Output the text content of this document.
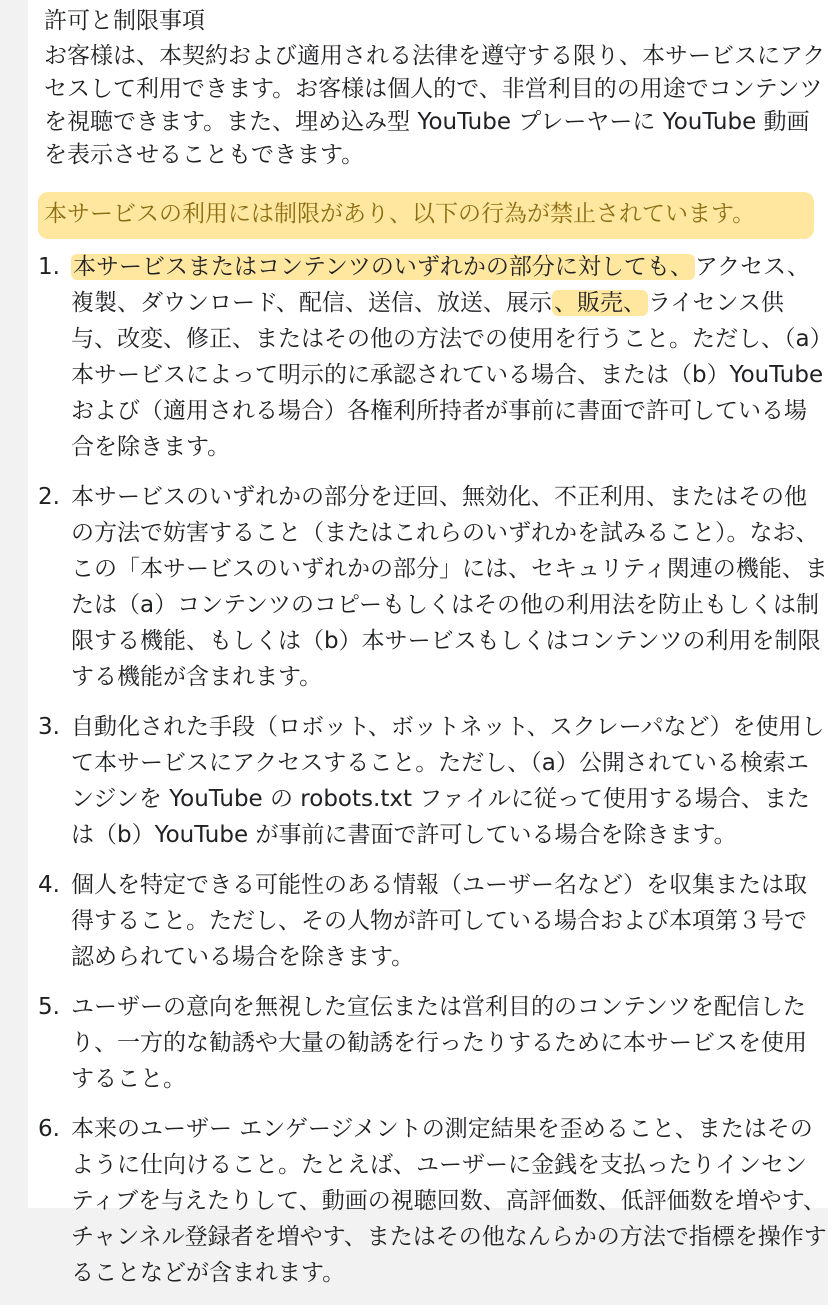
許可と制限事項

お客様は、本契約および適用される法律を遵守する限り、本サービスにアクセスして利用できます。お客様は個人的で、非営利目的の用途でコンテンツを視聴できます。また、埋め込み型 YouTube プレーヤーに YouTube 動画を表示させることもできます。

本サービスの利用には制限があり、以下の行為が禁止されています。
1. 本サービスまたはコンテンツのいずれかの部分に対しても、アクセス、複製、ダウンロード、配信、送信、放送、展示、販売、ライセンス供与、改変、修正、またはその他の方法での使用を行うこと。ただし、（a）本サービスによって明示的に承認されている場合、または（b）YouTube および（適用される場合）各権利所持者が事前に書面で許可している場合を除きます。
2. 本サービスのいずれかの部分を迂回、無効化、不正利用、またはその他の方法で妨害すること（またはこれらのいずれかを試みること）。なお、この「本サービスのいずれかの部分」には、セキュリティ関連の機能、または（a）コンテンツのコピーもしくはその他の利用法を防止もしくは制限する機能、もしくは（b）本サービスもしくはコンテンツの利用を制限する機能が含まれます。
3. 自動化された手段（ロボット、ボットネット、スクレーパなど）を使用して本サービスにアクセスすること。ただし、（a）公開されている検索エンジンを YouTube の robots.txt ファイルに従って使用する場合、または（b）YouTube が事前に書面で許可している場合を除きます。
4. 個人を特定できる可能性のある情報（ユーザー名など）を収集または取得すること。ただし、その人物が許可している場合および本項第３号で認められている場合を除きます。
5. ユーザーの意向を無視した宣伝または営利目的のコンテンツを配信したり、一方的な勧誘や大量の勧誘を行ったりするために本サービスを使用すること。
6. 本来のユーザー エンゲージメントの測定結果を歪めること、またはそのように仕向けること。たとえば、ユーザーに金銭を支払ったりインセンティブを与えたりして、動画の視聴回数、高評価数、低評価数を増やす、チャンネル登録者を増やす、またはその他なんらかの方法で指標を操作することなどが含まれます。
